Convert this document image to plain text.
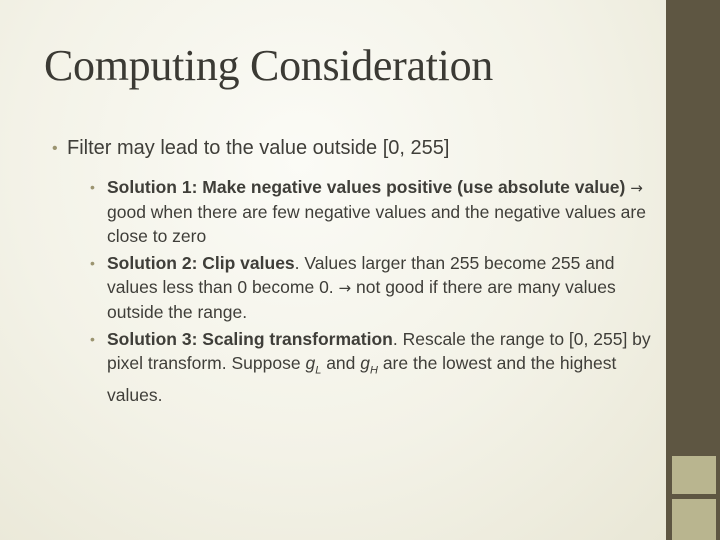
Computing Consideration
• Filter may lead to the value outside [0, 255]
• Solution 1: Make negative values positive (use absolute value) → good when there are few negative values and the negative values are close to zero
• Solution 2: Clip values. Values larger than 255 become 255 and values less than 0 become 0. → not good if there are many values outside the range.
• Solution 3: Scaling transformation. Rescale the range to [0, 255] by pixel transform. Suppose $g_L$ and $g_H$ are the lowest and the highest values.
